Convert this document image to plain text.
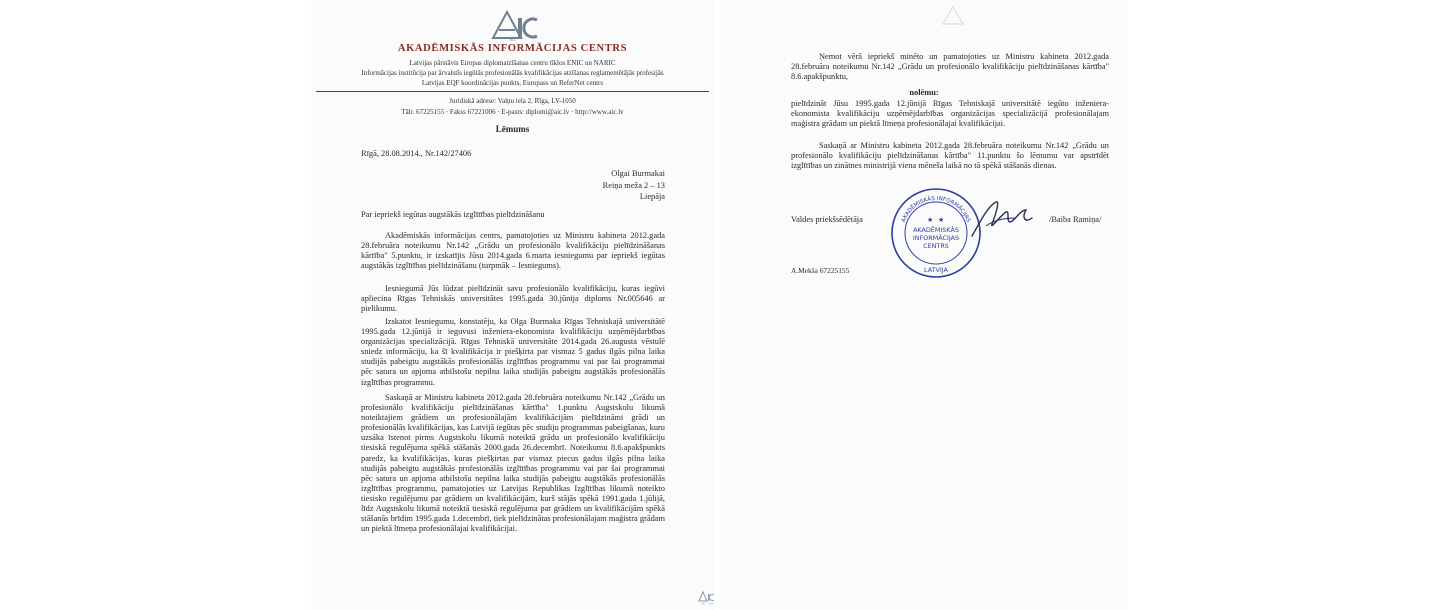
AIC

AKADĒMISKĀS INFORMĀCIJAS CENTRS

Latvijas pārstāvis Eiropas diplomatzīšanas centru tīklos ENIC un NARIC

Informācijas institūcija par ārvalstīs iegūtās profesionālās kvalifikācijas atzīšanas reglamentētājās profesijās

Latvijas EQF koordinācijas punkts, Europass un ReferNet centrs

Juridiskā adrese: Valņu iela 2, Rīga, LV-1050

Tālr. 67225155 · Fakss 67221006 · E-pasts: diplomi@aic.lv · http://www.aic.lv

Lēmums

Rīgā, 28.08.2014., Nr.142/27406

Olgai Burmakai

Reiņa meža 2 – 13

Liepāja

Par iepriekš iegūtas augstākās izglītības pielīdzināšanu

Akadēmiskās informācijas centrs, pamatojoties uz Ministru kabineta 2012.gada 28.februāra noteikumu Nr.142 „Grādu un profesionālo kvalifikāciju pielīdzināšanas kārtība" 5.punktu, ir izskatījis Jūsu 2014.gada 6.marta iesniegumu par iepriekš iegūtas augstākās izglītības pielīdzināšanu (turpmāk – Iesniegums).

Iesniegumā Jūs lūdzat pielīdzināt savu profesionālo kvalifikāciju, kuras iegūvi apliecina Rīgas Tehniskās universitātes 1995.gada 30.jūnija diploms Nr.005646 ar pielikumu.

Izskatot Iesniegumu, konstatēju, ka Olga Burmaka Rīgas Tehniskajā universitātē 1995.gada 12.jūnijā ir ieguvusi inženiera-ekonomista kvalifikāciju uzņēmējdarbības organizācijas specializācijā. Rīgas Tehniskā universitāte 2014.gada 26.augusta vēstulē sniedz informāciju, ka šī kvalifikācija ir piešķirta par vismaz 5 gadus ilgās pilna laika studijās pabeigtu augstākās profesionālās izglītības programmu vai par šai programmai pēc satura un apjoma atbilstošu nepilna laika studijās pabeigtu augstākās profesionālās izglītības programmu.

Saskaņā ar Ministru kabineta 2012.gada 28.februāra noteikumu Nr.142 „Grādu un profesionālo kvalifikāciju pielīdzināšanas kārtība" 1.punktu Augstskolu likumā noteiktajiem grādiem un profesionālajām kvalifikācijām pielīdzināmi grādi un profesionālās kvalifikācijas, kas Latvijā iegūtas pēc studiju programmas pabeigšanas, kuru uzsāka īstenot pirms Augstskolu likumā noteiktā grādu un profesionālo kvalifikāciju tiesiskā regulējuma spēkā stāšanās 2000.gada 26.decembrī. Noteikumu 8.6.apakšpunkts paredz, ka kvalifikācijas, kuras piešķirtas par vismaz piecus gadus ilgās pilna laika studijās pabeigtu augstākās profesionālās izglītības programmu vai par šai programmai pēc satura un apjoma atbilstošu nepilna laika studijās pabeigtu augstākās profesionālās izglītības programmu, pamatojoties uz Latvijas Republikas Izglītības likumā noteikto tiesisko regulējumu par grādiem un kvalifikācijām, kurš stājās spēkā 1991.gada 1.jūlijā, līdz Augstskolu likumā noteiktā tiesiskā regulējuma par grādiem un kvalifikācijām spēkā stāšanās brīdim 1995.gada 1.decembrī, tiek pielīdzinātas profesionālajam maģistra grādam un piektā līmeņa profesionālajai kvalifikācijai.

AIC 2013

Ņemot vērā iepriekš minēto un pamatojoties uz Ministru kabineta 2012.gada 28.februāra noteikumu Nr.142 „Grādu un profesionālo kvalifikāciju pielīdzināšanas kārtība" 8.6.apakšpunktu,

nolēmu:

pielīdzināt Jūsu 1995.gada 12.jūnijā Rīgas Tehniskajā universitātē iegūto inženiera-ekonomista kvalifikāciju uzņēmējdarbības organizācijas specializācijā profesionālajam maģistra grādam un piektā līmeņa profesionālajai kvalifikācijai.

Saskaņā ar Ministru kabineta 2012.gada 28.februāra noteikumu Nr.142 „Grādu un profesionālo kvalifikāciju pielīdzināšanas kārtība" 11.punktu šo lēmumu var apstrīdēt izglītības un zinātnes ministrijā viena mēneša laikā no tā spēkā stāšanās dienas.

Valdes priekšsēdētāja	/Baiba Ramiņa/

AKADĒMISKĀS INFORMĀCIJAS
★ ★
AKADĒMISKĀS
INFORMĀCIJAS
CENTRS
LATVIJA

A.Mekša 67225155
